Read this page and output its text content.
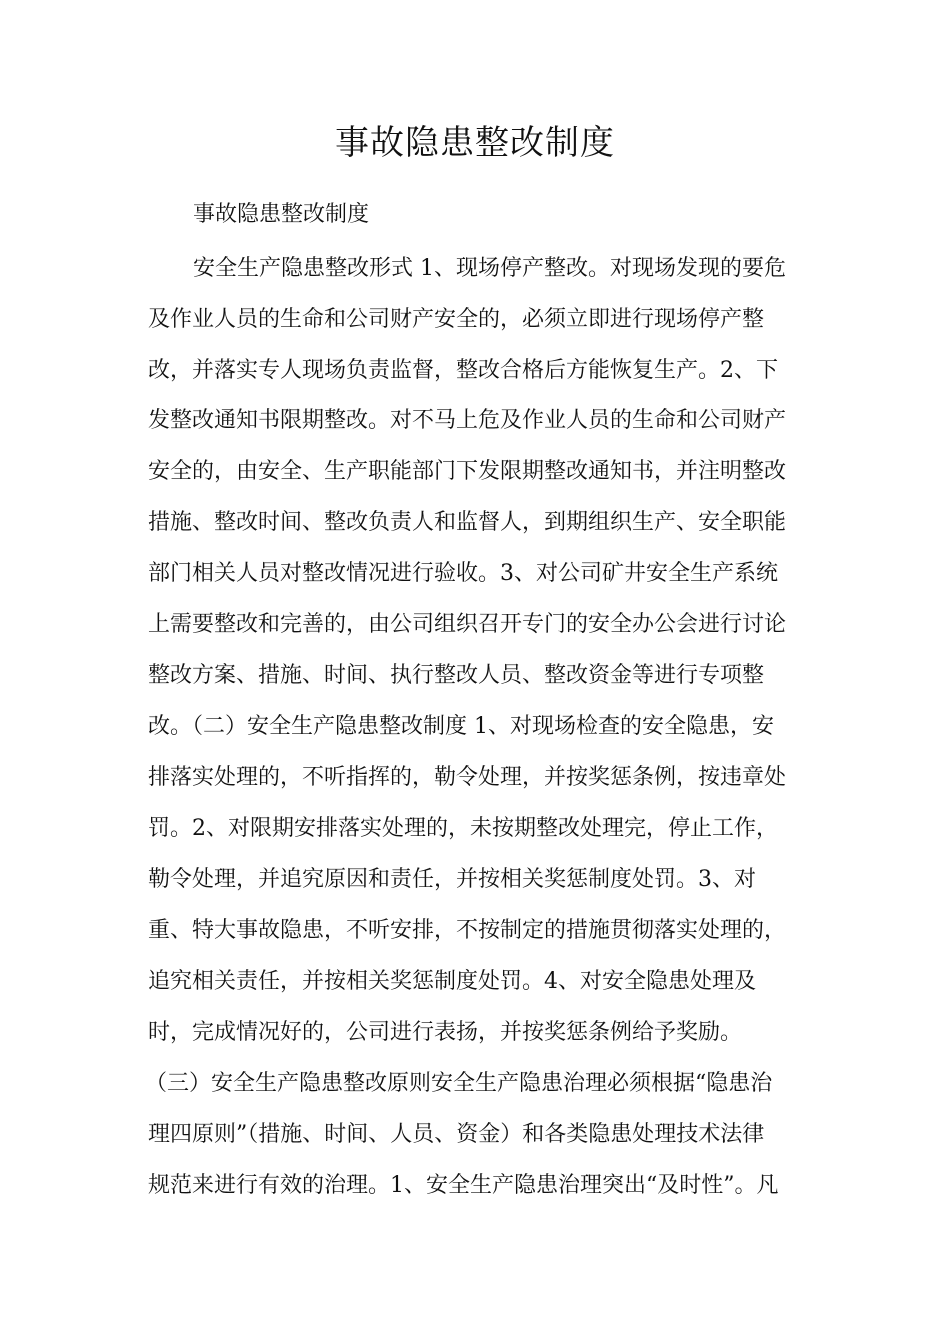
事故隐患整改制度
事故隐患整改制度
安全生产隐患整改形式 1、现场停产整改。对现场发现的要危
及作业人员的生命和公司财产安全的，必须立即进行现场停产整
改，并落实专人现场负责监督，整改合格后方能恢复生产。2、下
发整改通知书限期整改。对不马上危及作业人员的生命和公司财产
安全的，由安全、生产职能部门下发限期整改通知书，并注明整改
措施、整改时间、整改负责人和监督人，到期组织生产、安全职能
部门相关人员对整改情况进行验收。3、对公司矿井安全生产系统
上需要整改和完善的，由公司组织召开专门的安全办公会进行讨论
整改方案、措施、时间、执行整改人员、整改资金等进行专项整
改。（二）安全生产隐患整改制度 1、对现场检查的安全隐患，安
排落实处理的，不听指挥的，勒令处理，并按奖惩条例，按违章处
罚。2、对限期安排落实处理的，未按期整改处理完，停止工作，
勒令处理，并追究原因和责任，并按相关奖惩制度处罚。3、对
重、特大事故隐患，不听安排，不按制定的措施贯彻落实处理的，
追究相关责任，并按相关奖惩制度处罚。4、对安全隐患处理及
时，完成情况好的，公司进行表扬，并按奖惩条例给予奖励。
（三）安全生产隐患整改原则安全生产隐患治理必须根据“隐患治
理四原则”（措施、时间、人员、资金）和各类隐患处理技术法律
规范来进行有效的治理。1、安全生产隐患治理突出“及时性”。凡
